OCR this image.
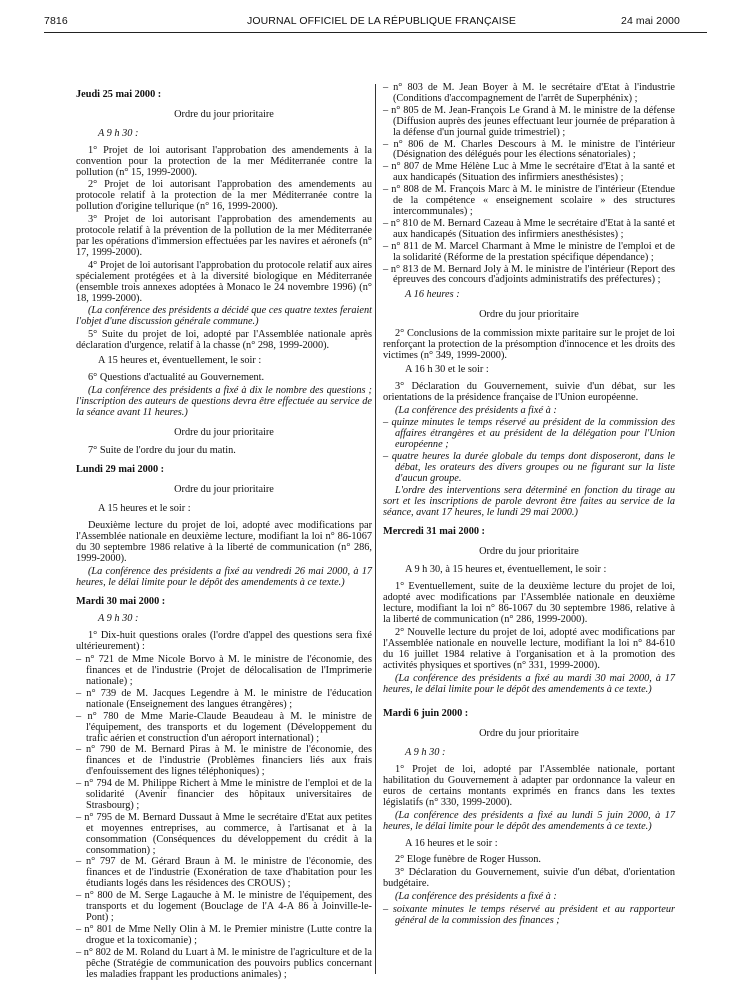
7816	JOURNAL OFFICIEL DE LA RÉPUBLIQUE FRANÇAISE	24 mai 2000

Jeudi 25 mai 2000 :

Ordre du jour prioritaire

A 9 h 30 :

1° Projet de loi autorisant l'approbation des amendements à la convention pour la protection de la mer Méditerranée contre la pollution (n° 15, 1999-2000).

2° Projet de loi autorisant l'approbation des amendements au protocole relatif à la protection de la mer Méditerranée contre la pollution d'origine tellurique (n° 16, 1999-2000).

3° Projet de loi autorisant l'approbation des amendements au protocole relatif à la prévention de la pollution de la mer Méditerranée par les opérations d'immersion effectuées par les navires et aéronefs (n° 17, 1999-2000).

4° Projet de loi autorisant l'approbation du protocole relatif aux aires spécialement protégées et à la diversité biologique en Méditerranée (ensemble trois annexes adoptées à Monaco le 24 novembre 1996) (n° 18, 1999-2000).

(La conférence des présidents a décidé que ces quatre textes feraient l'objet d'une discussion générale commune.)

5° Suite du projet de loi, adopté par l'Assemblée nationale après déclaration d'urgence, relatif à la chasse (n° 298, 1999-2000).

A 15 heures et, éventuellement, le soir :

6° Questions d'actualité au Gouvernement.

(La conférence des présidents a fixé à dix le nombre des questions ; l'inscription des auteurs de questions devra être effectuée au service de la séance avant 11 heures.)

Ordre du jour prioritaire

7° Suite de l'ordre du jour du matin.

Lundi 29 mai 2000 :

Ordre du jour prioritaire

A 15 heures et le soir :

Deuxième lecture du projet de loi, adopté avec modifications par l'Assemblée nationale en deuxième lecture, modifiant la loi n° 86-1067 du 30 septembre 1986 relative à la liberté de communication (n° 286, 1999-2000).

(La conférence des présidents a fixé au vendredi 26 mai 2000, à 17 heures, le délai limite pour le dépôt des amendements à ce texte.)

Mardi 30 mai 2000 :

A 9 h 30 :

1° Dix-huit questions orales (l'ordre d'appel des questions sera fixé ultérieurement) :

– n° 721 de Mme Nicole Borvo à M. le ministre de l'économie, des finances et de l'industrie (Projet de délocalisation de l'Imprimerie nationale) ;

– n° 739 de M. Jacques Legendre à M. le ministre de l'éducation nationale (Enseignement des langues étrangères) ;

– n° 780 de Mme Marie-Claude Beaudeau à M. le ministre de l'équipement, des transports et du logement (Développement du trafic aérien et construction d'un aéroport international) ;

– n° 790 de M. Bernard Piras à M. le ministre de l'économie, des finances et de l'industrie (Problèmes financiers liés aux frais d'enfouissement des lignes téléphoniques) ;

– n° 794 de M. Philippe Richert à Mme le ministre de l'emploi et de la solidarité (Avenir financier des hôpitaux universitaires de Strasbourg) ;

– n° 795 de M. Bernard Dussaut à Mme le secrétaire d'Etat aux petites et moyennes entreprises, au commerce, à l'artisanat et à la consommation (Conséquences du développement du crédit à la consommation) ;

– n° 797 de M. Gérard Braun à M. le ministre de l'économie, des finances et de l'industrie (Exonération de taxe d'habitation pour les étudiants logés dans les résidences des CROUS) ;

– n° 800 de M. Serge Lagauche à M. le ministre de l'équipement, des transports et du logement (Bouclage de l'A 4-A 86 à Joinville-le-Pont) ;

– n° 801 de Mme Nelly Olin à M. le Premier ministre (Lutte contre la drogue et la toxicomanie) ;

– n° 802 de M. Roland du Luart à M. le ministre de l'agriculture et de la pêche (Stratégie de communication des pouvoirs publics concernant les maladies frappant les productions animales) ;

– n° 803 de M. Jean Boyer à M. le secrétaire d'Etat à l'industrie (Conditions d'accompagnement de l'arrêt de Superphénix) ;

– n° 805 de M. Jean-François Le Grand à M. le ministre de la défense (Diffusion auprès des jeunes effectuant leur journée de préparation à la défense d'un journal guide trimestriel) ;

– n° 806 de M. Charles Descours à M. le ministre de l'intérieur (Désignation des délégués pour les élections sénatoriales) ;

– n° 807 de Mme Hélène Luc à Mme le secrétaire d'Etat à la santé et aux handicapés (Situation des infirmiers anesthésistes) ;

– n° 808 de M. François Marc à M. le ministre de l'intérieur (Etendue de la compétence « enseignement scolaire » des structures intercommunales) ;

– n° 810 de M. Bernard Cazeau à Mme le secrétaire d'Etat à la santé et aux handicapés (Situation des infirmiers anesthésistes) ;

– n° 811 de M. Marcel Charmant à Mme le ministre de l'emploi et de la solidarité (Réforme de la prestation spécifique dépendance) ;

– n° 813 de M. Bernard Joly à M. le ministre de l'intérieur (Report des épreuves des concours d'adjoints administratifs des préfectures) ;

A 16 heures :

Ordre du jour prioritaire

2° Conclusions de la commission mixte paritaire sur le projet de loi renforçant la protection de la présomption d'innocence et les droits des victimes (n° 349, 1999-2000).

A 16 h 30 et le soir :

3° Déclaration du Gouvernement, suivie d'un débat, sur les orientations de la présidence française de l'Union européenne.

(La conférence des présidents a fixé à :

– quinze minutes le temps réservé au président de la commission des affaires étrangères et au président de la délégation pour l'Union européenne ;

– quatre heures la durée globale du temps dont disposeront, dans le débat, les orateurs des divers groupes ou ne figurant sur la liste d'aucun groupe.

L'ordre des interventions sera déterminé en fonction du tirage au sort et les inscriptions de parole devront être faites au service de la séance, avant 17 heures, le lundi 29 mai 2000.)

Mercredi 31 mai 2000 :

Ordre du jour prioritaire

A 9 h 30, à 15 heures et, éventuellement, le soir :

1° Eventuellement, suite de la deuxième lecture du projet de loi, adopté avec modifications par l'Assemblée nationale en deuxième lecture, modifiant la loi n° 86-1067 du 30 septembre 1986, relative à la liberté de communication (n° 286, 1999-2000).

2° Nouvelle lecture du projet de loi, adopté avec modifications par l'Assemblée nationale en nouvelle lecture, modifiant la loi n° 84-610 du 16 juillet 1984 relative à l'organisation et à la promotion des activités physiques et sportives (n° 331, 1999-2000).

(La conférence des présidents a fixé au mardi 30 mai 2000, à 17 heures, le délai limite pour le dépôt des amendements à ce texte.)

Mardi 6 juin 2000 :

Ordre du jour prioritaire

A 9 h 30 :

1° Projet de loi, adopté par l'Assemblée nationale, portant habilitation du Gouvernement à adapter par ordonnance la valeur en euros de certains montants exprimés en francs dans les textes législatifs (n° 330, 1999-2000).

(La conférence des présidents a fixé au lundi 5 juin 2000, à 17 heures, le délai limite pour le dépôt des amendements à ce texte.)

A 16 heures et le soir :

2° Eloge funèbre de Roger Husson.

3° Déclaration du Gouvernement, suivie d'un débat, d'orientation budgétaire.

(La conférence des présidents a fixé à :

– soixante minutes le temps réservé au président et au rapporteur général de la commission des finances ;
